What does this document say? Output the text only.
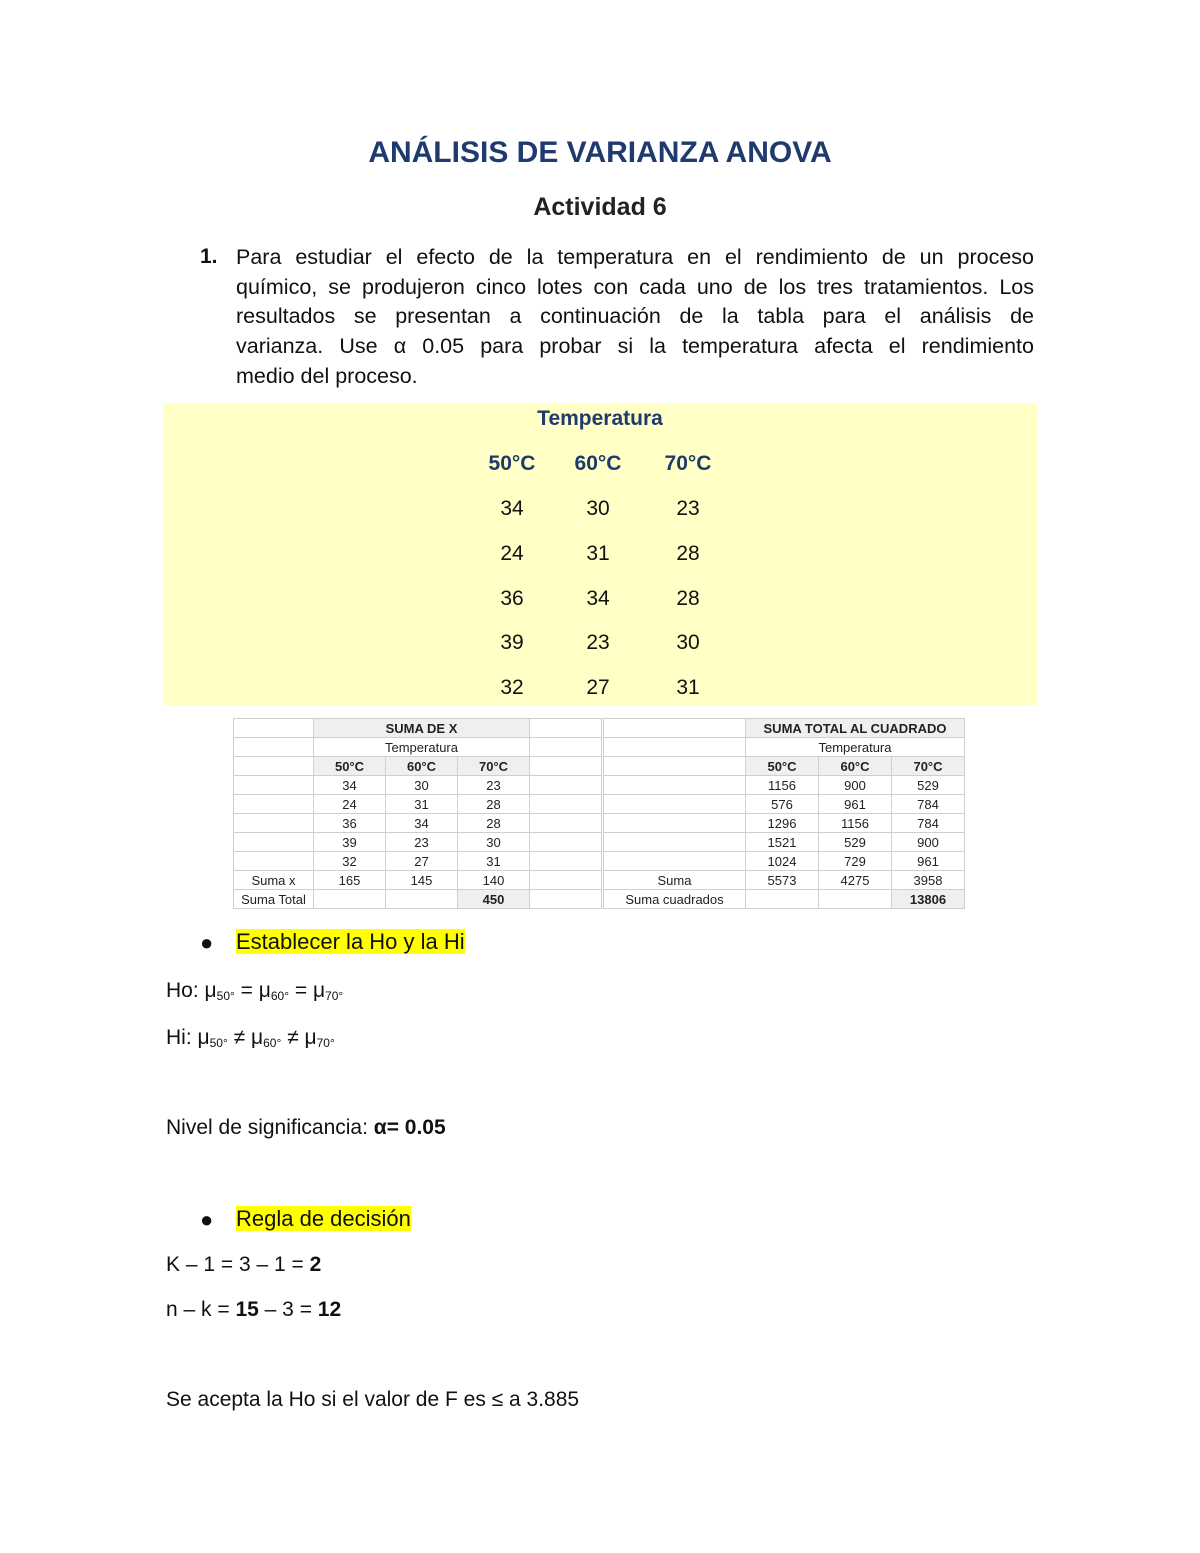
ANÁLISIS DE VARIANZA ANOVA
Actividad 6
1. Para estudiar el efecto de la temperatura en el rendimiento de un proceso
químico, se produjeron cinco lotes con cada uno de los tres tratamientos. Los
resultados se presentan a continuación de la tabla para el análisis de
varianza. Use α 0.05 para probar si la temperatura afecta el rendimiento
medio del proceso.
Temperatura
50°C	60°C	70°C
34	30	23
24	31	28
36	34	28
39	23	30
32	27	31
	SUMA DE X			
	Temperatura			
	50°C	60°C	70°C	
	34	30	23	
	24	31	28	
	36	34	28	
	39	23	30	
	32	27	31	
Suma x	165	145	140	
Suma Total			450	
	SUMA TOTAL AL CUADRADO		
	Temperatura		
	50°C	60°C	70°C
	1156	900	529
	576	961	784
	1296	1156	784
	1521	529	900
	1024	729	961
Suma	5573	4275	3958
Suma cuadrados			13806
● Establecer la Ho y la Hi
Ho: μ50° = μ60° = μ70°
Hi: μ50° ≠ μ60° ≠ μ70°
Nivel de significancia: α= 0.05
● Regla de decisión
K – 1 = 3 – 1 = 2
n – k = 15 – 3 = 12
Se acepta la Ho si el valor de F es ≤ a 3.885
